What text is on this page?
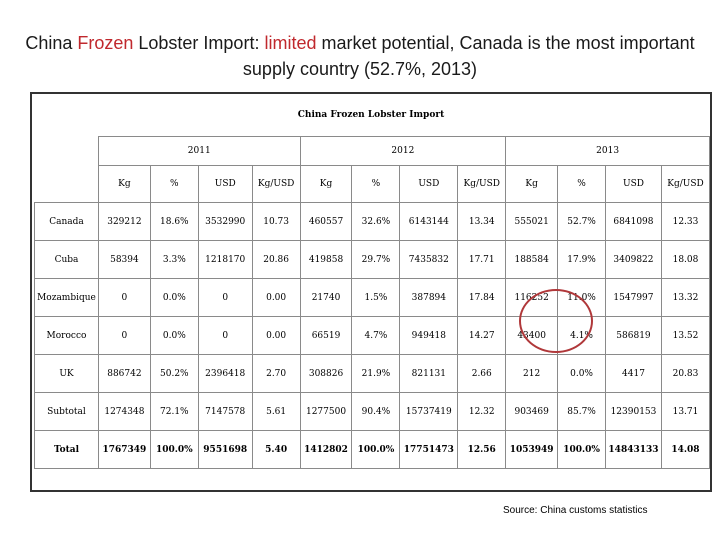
China Frozen Lobster Import: limited market potential, Canada is the most important supply country (52.7%, 2013)
China Frozen Lobster Import
	2011				2012				2013			
	Kg	%	USD	Kg/USD	Kg	%	USD	Kg/USD	Kg	%	USD	Kg/USD
Canada	329212	18.6%	3532990	10.73	460557	32.6%	6143144	13.34	555021	52.7%	6841098	12.33
Cuba	58394	3.3%	1218170	20.86	419858	29.7%	7435832	17.71	188584	17.9%	3409822	18.08
Mozambique	0	0.0%	0	0.00	21740	1.5%	387894	17.84	116252	11.0%	1547997	13.32
Morocco	0	0.0%	0	0.00	66519	4.7%	949418	14.27	43400	4.1%	586819	13.52
UK	886742	50.2%	2396418	2.70	308826	21.9%	821131	2.66	212	0.0%	4417	20.83
Subtotal	1274348	72.1%	7147578	5.61	1277500	90.4%	15737419	12.32	903469	85.7%	12390153	13.71
Total	1767349	100.0%	9551698	5.40	1412802	100.0%	17751473	12.56	1053949	100.0%	14843133	14.08
Source: China customs statistics
